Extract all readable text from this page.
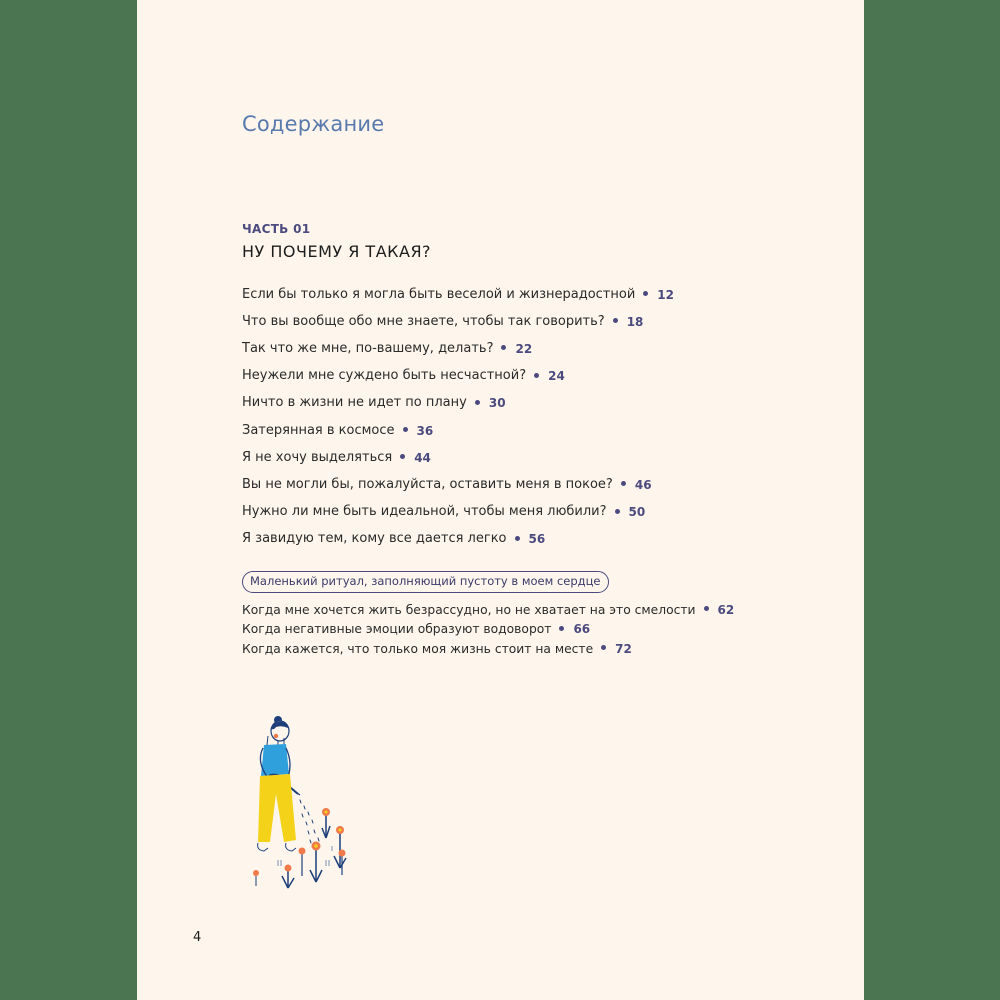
Содержание
ЧАСТЬ 01
НУ ПОЧЕМУ Я ТАКАЯ?
Если бы только я могла быть веселой и жизнерадостной 12
Что вы вообще обо мне знаете, чтобы так говорить? 18
Так что же мне, по-вашему, делать? 22
Неужели мне суждено быть несчастной? 24
Ничто в жизни не идет по плану 30
Затерянная в космосе 36
Я не хочу выделяться 44
Вы не могли бы, пожалуйста, оставить меня в покое? 46
Нужно ли мне быть идеальной, чтобы меня любили? 50
Я завидую тем, кому все дается легко 56
Маленький ритуал, заполняющий пустоту в моем сердце
Когда мне хочется жить безрассудно, но не хватает на это смелости 62
Когда негативные эмоции образуют водоворот 66
Когда кажется, что только моя жизнь стоит на месте 72
4
